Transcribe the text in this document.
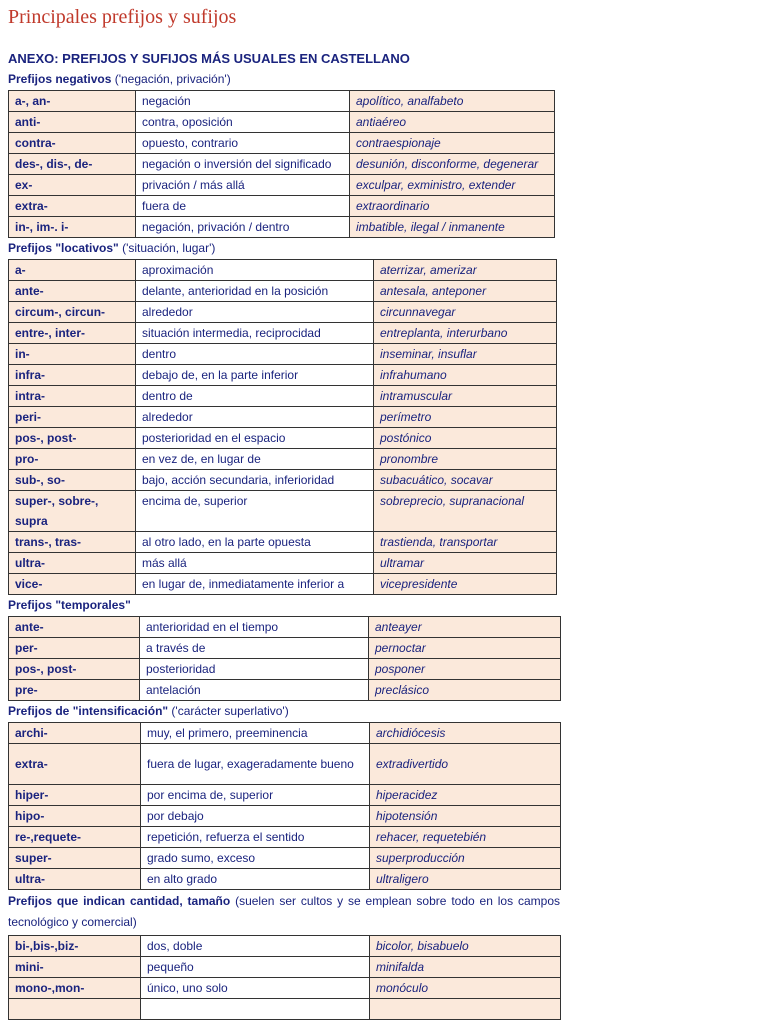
Principales prefijos y sufijos
ANEXO: PREFIJOS Y SUFIJOS MÁS USUALES EN CASTELLANO
Prefijos negativos ('negación, privación')
a-, an-	negación	apolítico, analfabeto
anti-	contra, oposición	antiaéreo
contra-	opuesto, contrario	contraespionaje
des-, dis-, de-	negación o inversión del significado	desunión, disconforme, degenerar
ex-	privación / más allá	exculpar, exministro, extender
extra-	fuera de	extraordinario
in-, im-. i-	negación, privación / dentro	imbatible, ilegal / inmanente
Prefijos "locativos" ('situación, lugar')
a-	aproximación	aterrizar, amerizar
ante-	delante, anterioridad en la posición	antesala, anteponer
circum-, circun-	alrededor	circunnavegar
entre-, inter-	situación intermedia, reciprocidad	entreplanta, interurbano
in-	dentro	inseminar, insuflar
infra-	debajo de, en la parte inferior	infrahumano
intra-	dentro de	intramuscular
peri-	alrededor	perímetro
pos-, post-	posterioridad en el espacio	postónico
pro-	en vez de, en lugar de	pronombre
sub-, so-	bajo, acción secundaria, inferioridad	subacuático, socavar
super-, sobre-, supra	encima de, superior	sobreprecio, supranacional
trans-, tras-	al otro lado, en la parte opuesta	trastienda, transportar
ultra-	más allá	ultramar
vice-	en lugar de, inmediatamente inferior a	vicepresidente
Prefijos "temporales"
ante-	anterioridad en el tiempo	anteayer
per-	a través de	pernoctar
pos-, post-	posterioridad	posponer
pre-	antelación	preclásico
Prefijos de "intensificación" ('carácter superlativo')
archi-	muy, el primero, preeminencia	archidiócesis
extra-	fuera de lugar, exageradamente bueno	extradivertido
hiper-	por encima de, superior	hiperacidez
hipo-	por debajo	hipotensión
re-,requete-	repetición, refuerza el sentido	rehacer, requetebién
super-	grado sumo, exceso	superproducción
ultra-	en alto grado	ultraligero
Prefijos que indican cantidad, tamaño (suelen ser cultos y se emplean sobre todo en los campos tecnológico y comercial)
bi-,bis-,biz-	dos, doble	bicolor, bisabuelo
mini-	pequeño	minifalda
mono-,mon-	único, uno solo	monóculo
